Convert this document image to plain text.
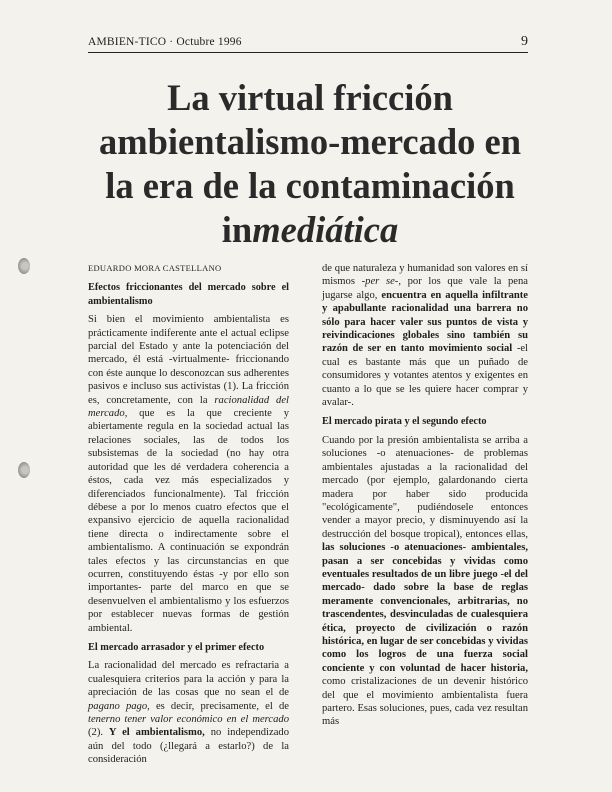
AMBIEN-TICO · Octubre 1996	9
La virtual fricción
ambientalismo-mercado en
la era de la contaminación
inmediática

EDUARDO MORA CASTELLANO

Efectos friccionantes del mercado sobre el ambientalismo

Si bien el movimiento ambientalista es prácticamente indiferente ante el actual eclipse parcial del Estado y ante la potenciación del mercado, él está -virtualmente- friccionando con éste aunque lo desconozcan sus adherentes pasivos e incluso sus activistas (1). La fricción es, concretamente, con la racionalidad del mercado, que es la que creciente y abiertamente regula en la sociedad actual las relaciones sociales, las de todos los subsistemas de la sociedad (no hay otra autoridad que les dé verdadera coherencia a éstos, cada vez más especializados y diferenciados funcionalmente). Tal fricción débese a por lo menos cuatro efectos que el expansivo ejercicio de aquella racionalidad tiene directa o indirectamente sobre el ambientalismo. A continuación se expondrán tales efectos y las circunstancias en que ocurren, constituyendo éstas -y por ello son importantes- parte del marco en que se desenvuelven el ambientalismo y los esfuerzos por establecer nuevas formas de gestión ambiental.

El mercado arrasador y el primer efecto

La racionalidad del mercado es refractaria a cualesquiera criterios para la acción y para la apreciación de las cosas que no sean el de pagano pago, es decir, precisamente, el de tenerno tener valor económico en el mercado (2). Y el ambientalismo, no independizado aún del todo (¿llegará a estarlo?) de la consideración

de que naturaleza y humanidad son valores en sí mismos -per se-, por los que vale la pena jugarse algo, encuentra en aquella infiltrante y apabullante racionalidad una barrera no sólo para hacer valer sus puntos de vista y reivindicaciones globales sino también su razón de ser en tanto movimiento social -el cual es bastante más que un puñado de consumidores y votantes atentos y exigentes en cuanto a lo que se les quiere hacer comprar y avalar-.

El mercado pirata y el segundo efecto

Cuando por la presión ambientalista se arriba a soluciones -o atenuaciones- de problemas ambientales ajustadas a la racionalidad del mercado (por ejemplo, galardonando cierta madera por haber sido producida "ecológicamente", pudiéndosele entonces vender a mayor precio, y disminuyendo así la destrucción del bosque tropical), entonces ellas, las soluciones -o atenuaciones- ambientales, pasan a ser concebidas y vividas como eventuales resultados de un libre juego -el del mercado- dado sobre la base de reglas meramente convencionales, arbitrarias, no trascendentes, desvinculadas de cualesquiera ética, proyecto de civilización o razón histórica, en lugar de ser concebidas y vividas como los logros de una fuerza social conciente y con voluntad de hacer historia, como cristalizaciones de un devenir histórico del que el movimiento ambientalista fuera partero. Esas soluciones, pues, cada vez resultan más
